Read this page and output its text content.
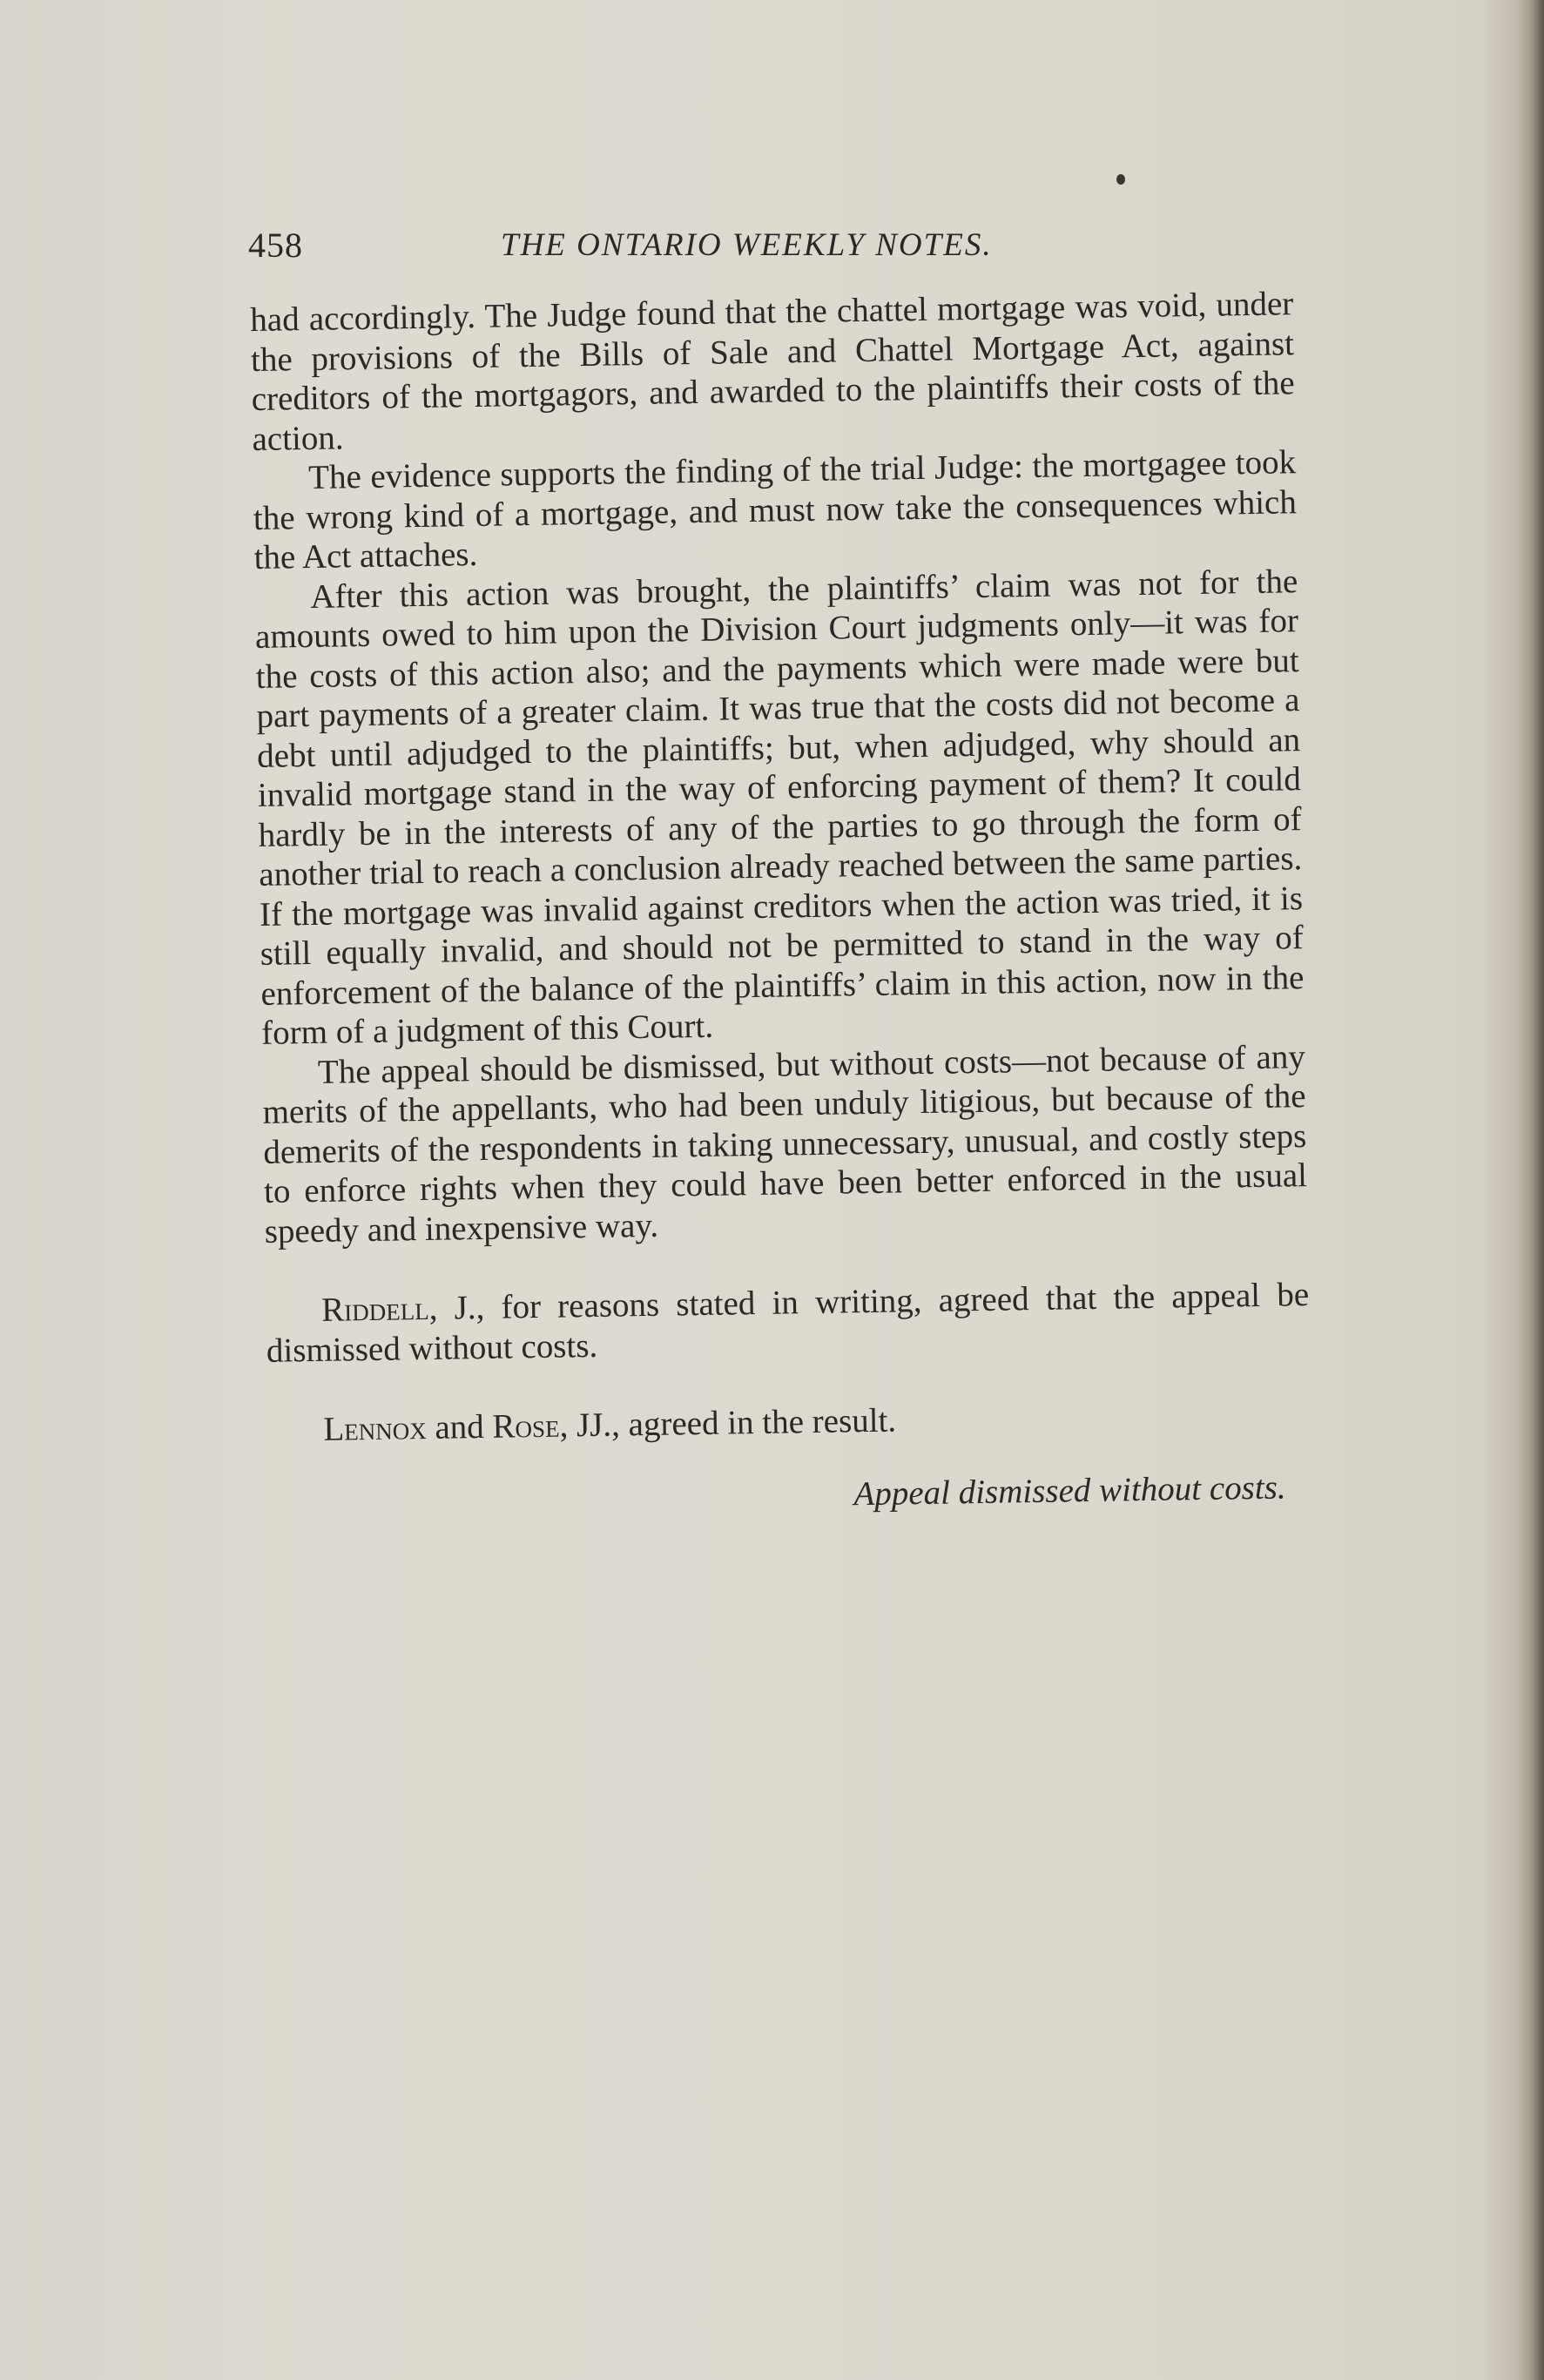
458	THE ONTARIO WEEKLY NOTES.

had accordingly. The Judge found that the chattel mortgage was void, under the provisions of the Bills of Sale and Chattel Mortgage Act, against creditors of the mortgagors, and awarded to the plaintiffs their costs of the action.

The evidence supports the finding of the trial Judge: the mortgagee took the wrong kind of a mortgage, and must now take the consequences which the Act attaches.

After this action was brought, the plaintiffs’ claim was not for the amounts owed to him upon the Division Court judgments only—it was for the costs of this action also; and the payments which were made were but part payments of a greater claim. It was true that the costs did not become a debt until adjudged to the plaintiffs; but, when adjudged, why should an invalid mortgage stand in the way of enforcing payment of them? It could hardly be in the interests of any of the parties to go through the form of another trial to reach a conclusion already reached between the same parties. If the mortgage was invalid against creditors when the action was tried, it is still equally invalid, and should not be permitted to stand in the way of enforcement of the balance of the plaintiffs’ claim in this action, now in the form of a judgment of this Court.

The appeal should be dismissed, but without costs—not because of any merits of the appellants, who had been unduly litigious, but because of the demerits of the respondents in taking unnecessary, unusual, and costly steps to enforce rights when they could have been better enforced in the usual speedy and inexpensive way.

Riddell, J., for reasons stated in writing, agreed that the appeal be dismissed without costs.

Lennox and Rose, JJ., agreed in the result.

Appeal dismissed without costs.
